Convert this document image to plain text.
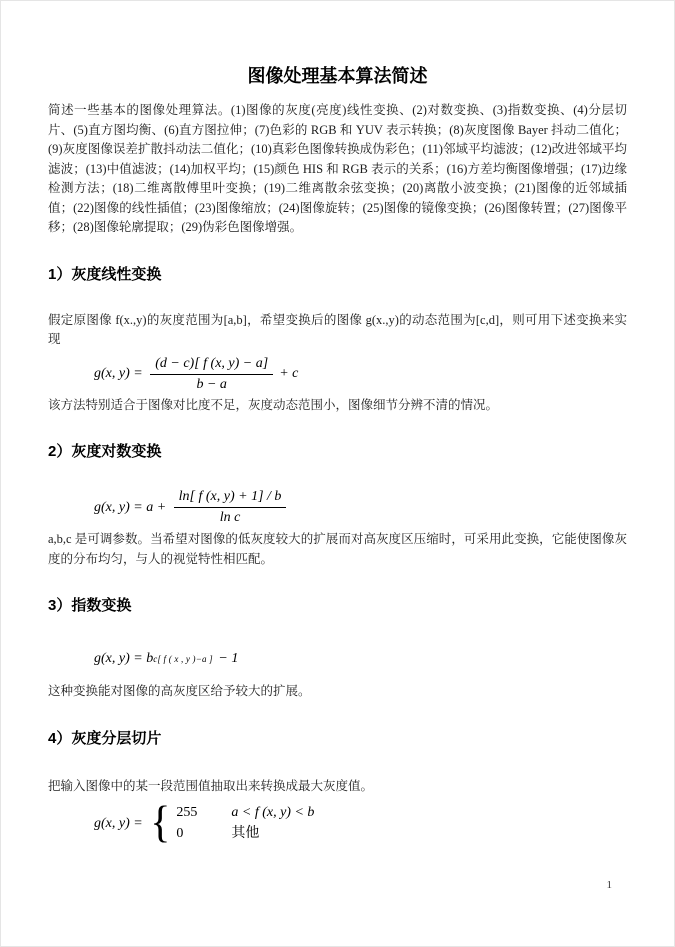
图像处理基本算法简述

简述一些基本的图像处理算法。(1)图像的灰度(亮度)线性变换、(2)对数变换、(3)指数变换、(4)分层切片、(5)直方图均衡、(6)直方图拉伸；(7)色彩的 RGB 和 YUV 表示转换；(8)灰度图像 Bayer 抖动二值化；(9)灰度图像误差扩散抖动法二值化；(10)真彩色图像转换成伪彩色；(11)邻域平均滤波；(12)改进邻域平均滤波；(13)中值滤波；(14)加权平均；(15)颜色 HIS 和 RGB 表示的关系；(16)方差均衡图像增强；(17)边缘检测方法；(18)二维离散傅里叶变换；(19)二维离散余弦变换；(20)离散小波变换；(21)图像的近邻域插值；(22)图像的线性插值；(23)图像缩放；(24)图像旋转；(25)图像的镜像变换；(26)图像转置；(27)图像平移；(28)图像轮廓提取；(29)伪彩色图像增强。

1）灰度线性变换

假定原图像 f(x.,y)的灰度范围为[a,b]，希望变换后的图像 g(x.,y)的动态范围为[c,d]，则可用下述变换来实现

g(x, $y) = \frac{(d - c)[ f (x, y) - a]}{b - a} + c$

该方法特别适合于图像对比度不足，灰度动态范围小，图像细节分辨不清的情况。

2）灰度对数变换
g(x, $y) = a + \frac{\ln[ f (x, y) + 1] / b}{\text{ln c}}$

a,b,c 是可调参数。当希望对图像的低灰度较大的扩展而对高灰度区压缩时，可采用此变换，它能使图像灰度的分布均匀，与人的视觉特性相匹配。

3）指数变换
g(x, y) = b c[ f ( x , y )−a ] − 1

这种变换能对图像的高灰度区给予较大的扩展。

4）灰度分层切片

把输入图像中的某一段范围值抽取出来转换成最大灰度值。

g(x, y) = { 255 a < f (x, y) < b
0	其他
1
